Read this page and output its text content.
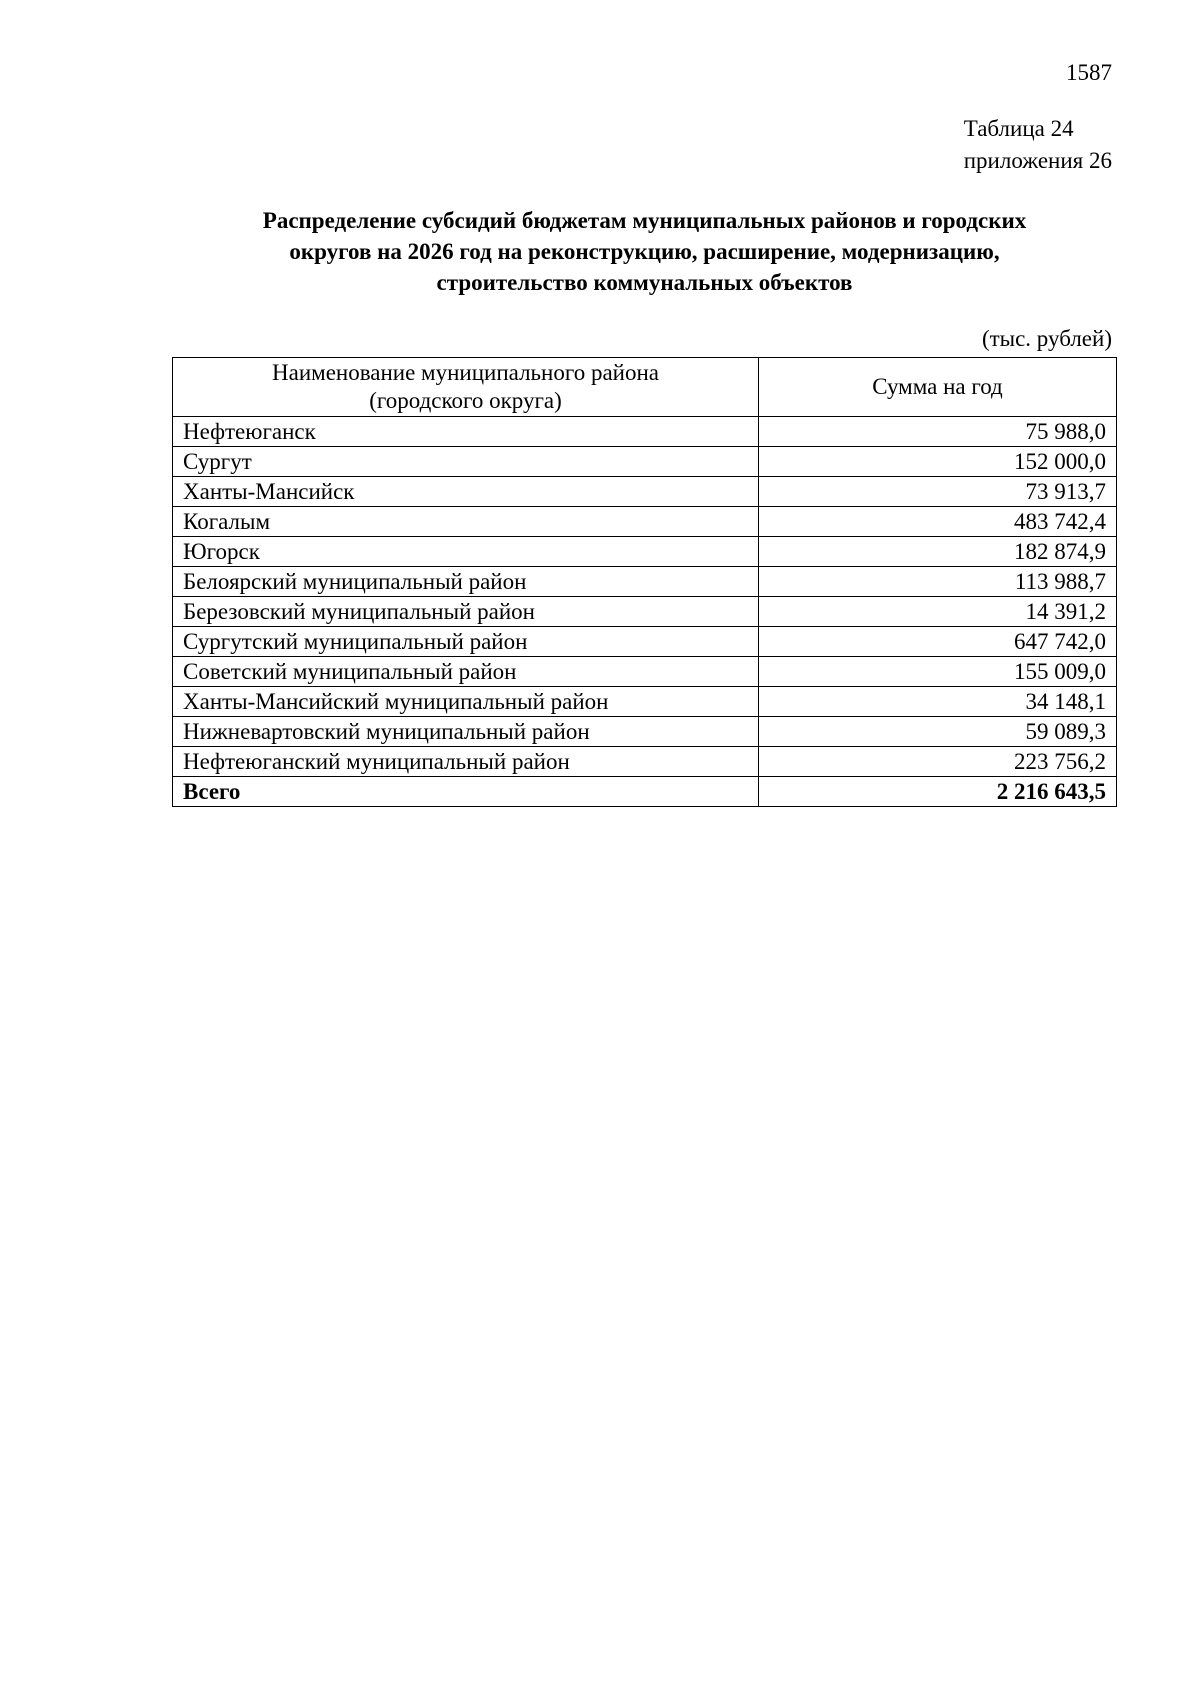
1587
Таблица 24
приложения 26
Распределение субсидий бюджетам муниципальных районов и городских
округов на 2026 год на реконструкцию, расширение, модернизацию,
строительство коммунальных объектов
(тыс. рублей)
Наименование муниципального района
(городского округа)	Сумма на год
Нефтеюганск	75 988,0
Сургут	152 000,0
Ханты-Мансийск	73 913,7
Когалым	483 742,4
Югорск	182 874,9
Белоярский муниципальный район	113 988,7
Березовский муниципальный район	14 391,2
Сургутский муниципальный район	647 742,0
Советский муниципальный район	155 009,0
Ханты-Мансийский муниципальный район	34 148,1
Нижневартовский муниципальный район	59 089,3
Нефтеюганский муниципальный район	223 756,2
Всего	2 216 643,5
